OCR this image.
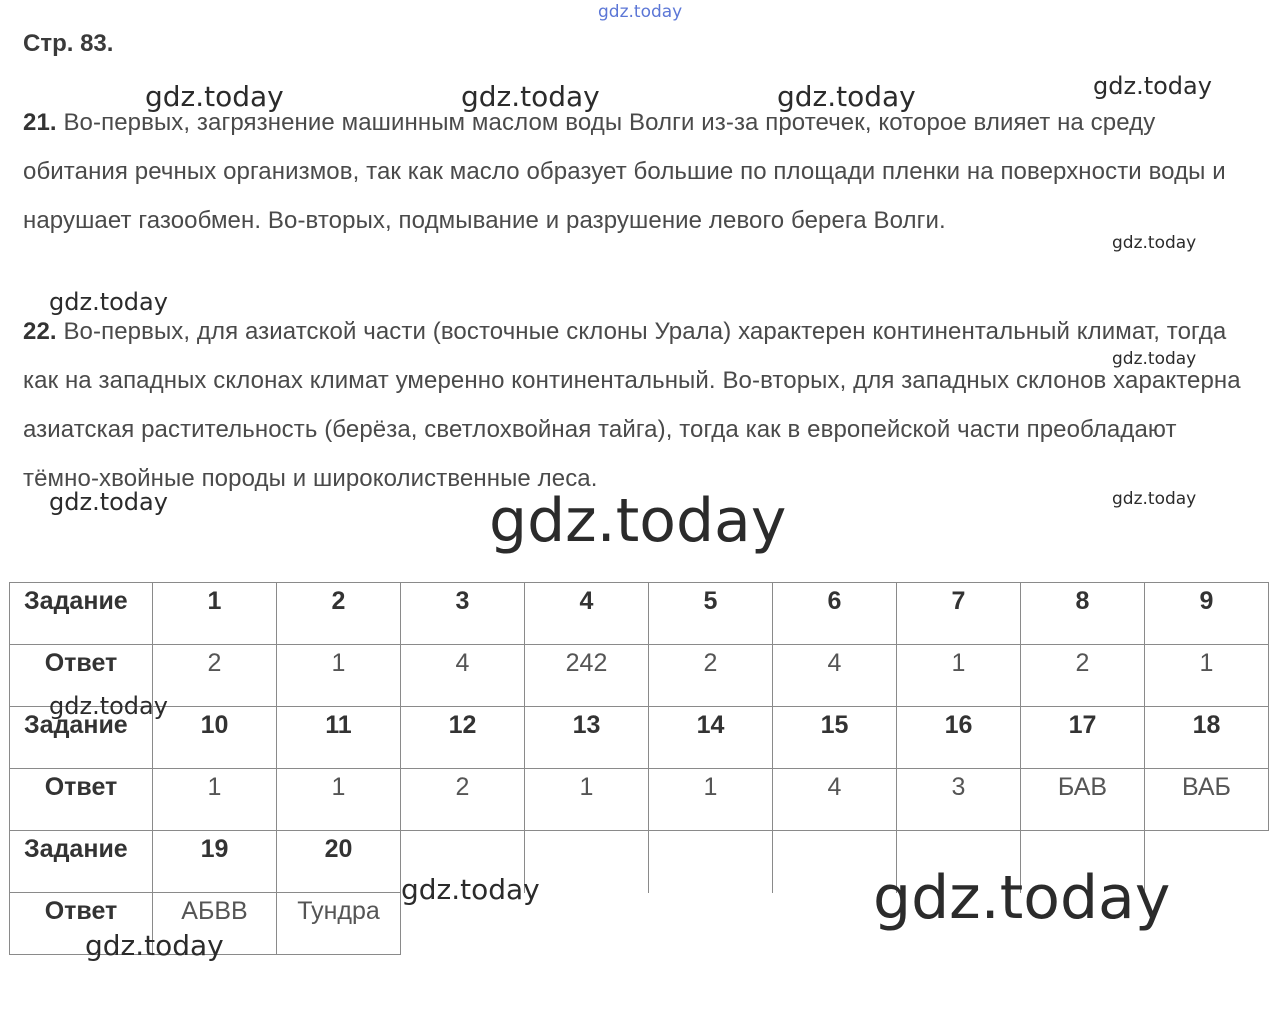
gdz.today
Стр. 83.
21. Во-первых, загрязнение машинным маслом воды Волги из-за протечек, которое влияет на среду обитания речных организмов, так как масло образует большие по площади пленки на поверхности воды и нарушает газообмен. Во-вторых, подмывание и разрушение левого берега Волги.
22. Во-первых, для азиатской части (восточные склоны Урала) характерен континентальный климат, тогда как на западных склонах климат умеренно континентальный. Во-вторых, для западных склонов характерна азиатская растительность (берёза, светлохвойная тайга), тогда как в европейской части преобладают тёмно-хвойные породы и широколиственные леса.
Задание	1	2	3	4	5	6	7	8	9
Ответ	2	1	4	242	2	4	1	2	1
Задание	10	11	12	13	14	15	16	17	18
Ответ	1	1	2	1	1	4	3	БАВ	ВАБ
Задание	19	20							
Ответ	АБВВ	Тундра							
gdz.today	gdz.today	gdz.today	gdz.today
gdz.today
gdz.today
gdz.today
gdz.today	gdz.today
gdz.today
gdz.today
gdz.today	gdz.today
gdz.today
